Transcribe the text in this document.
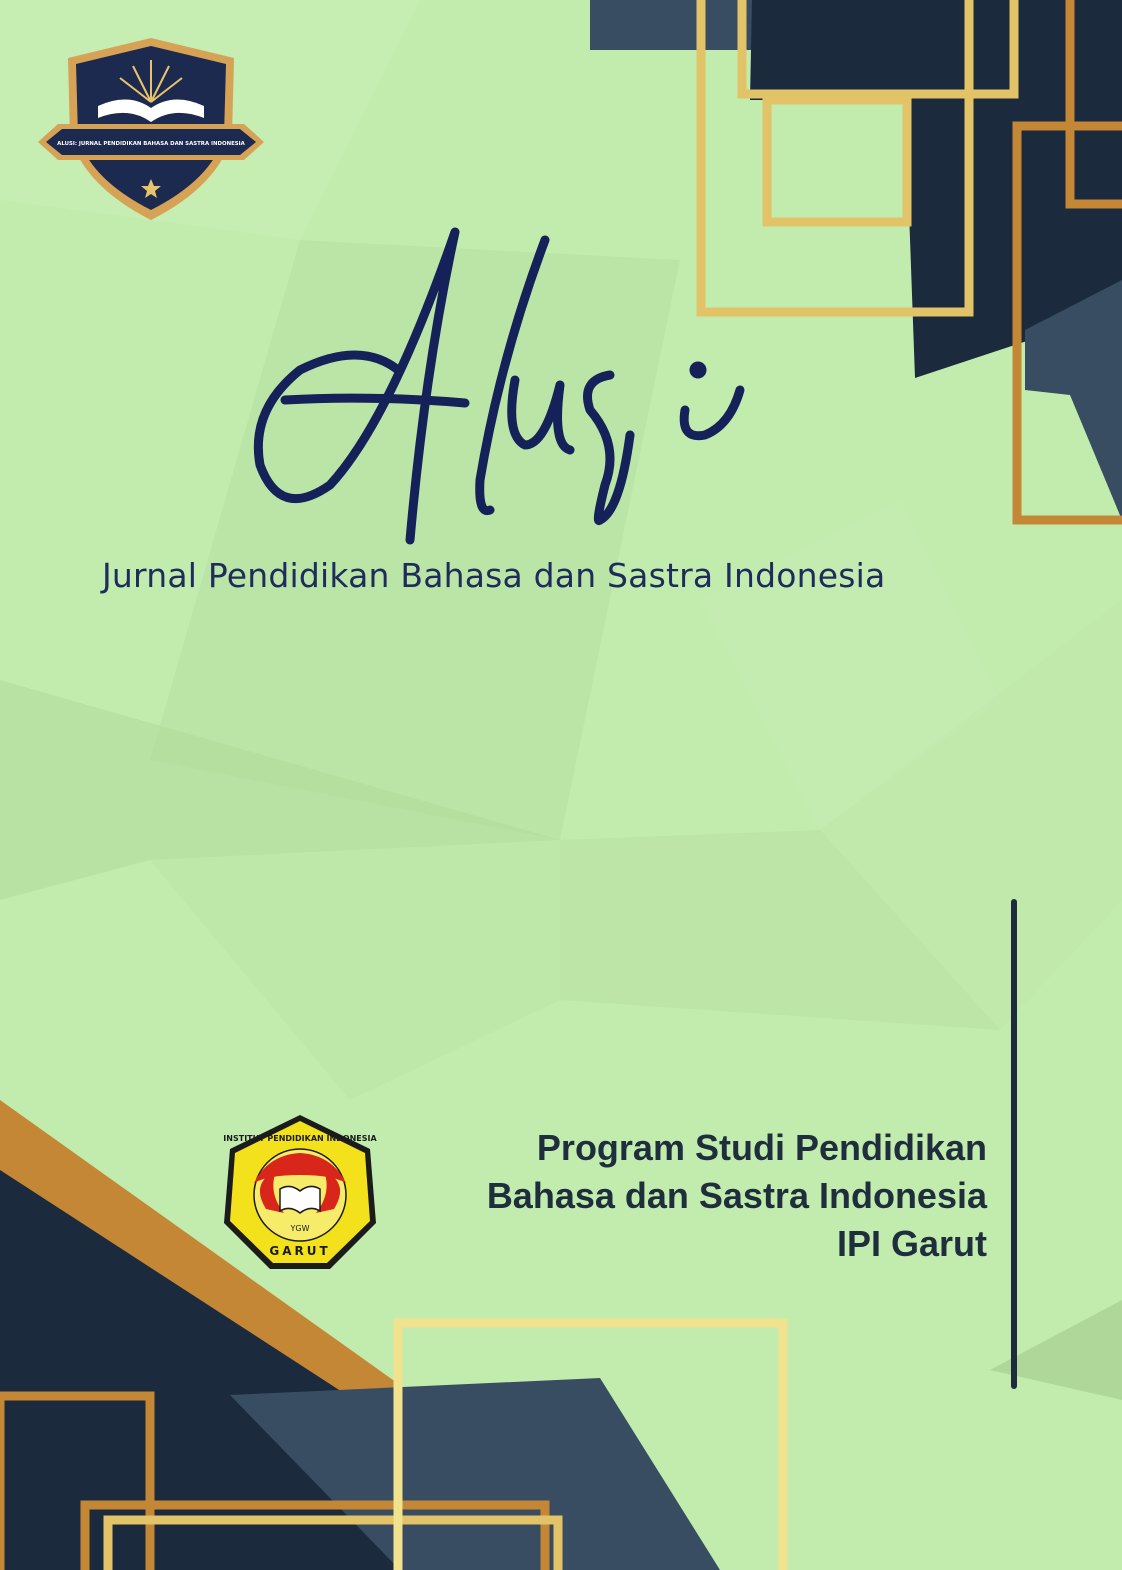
ALUSI: JURNAL PENDIDIKAN BAHASA DAN SASTRA INDONESIA
Jurnal Pendidikan Bahasa dan Sastra Indonesia
INSTITUT PENDIDIKAN INDONESIA
YGW
GARUT
Program Studi Pendidikan
Bahasa dan Sastra Indonesia
IPI Garut
